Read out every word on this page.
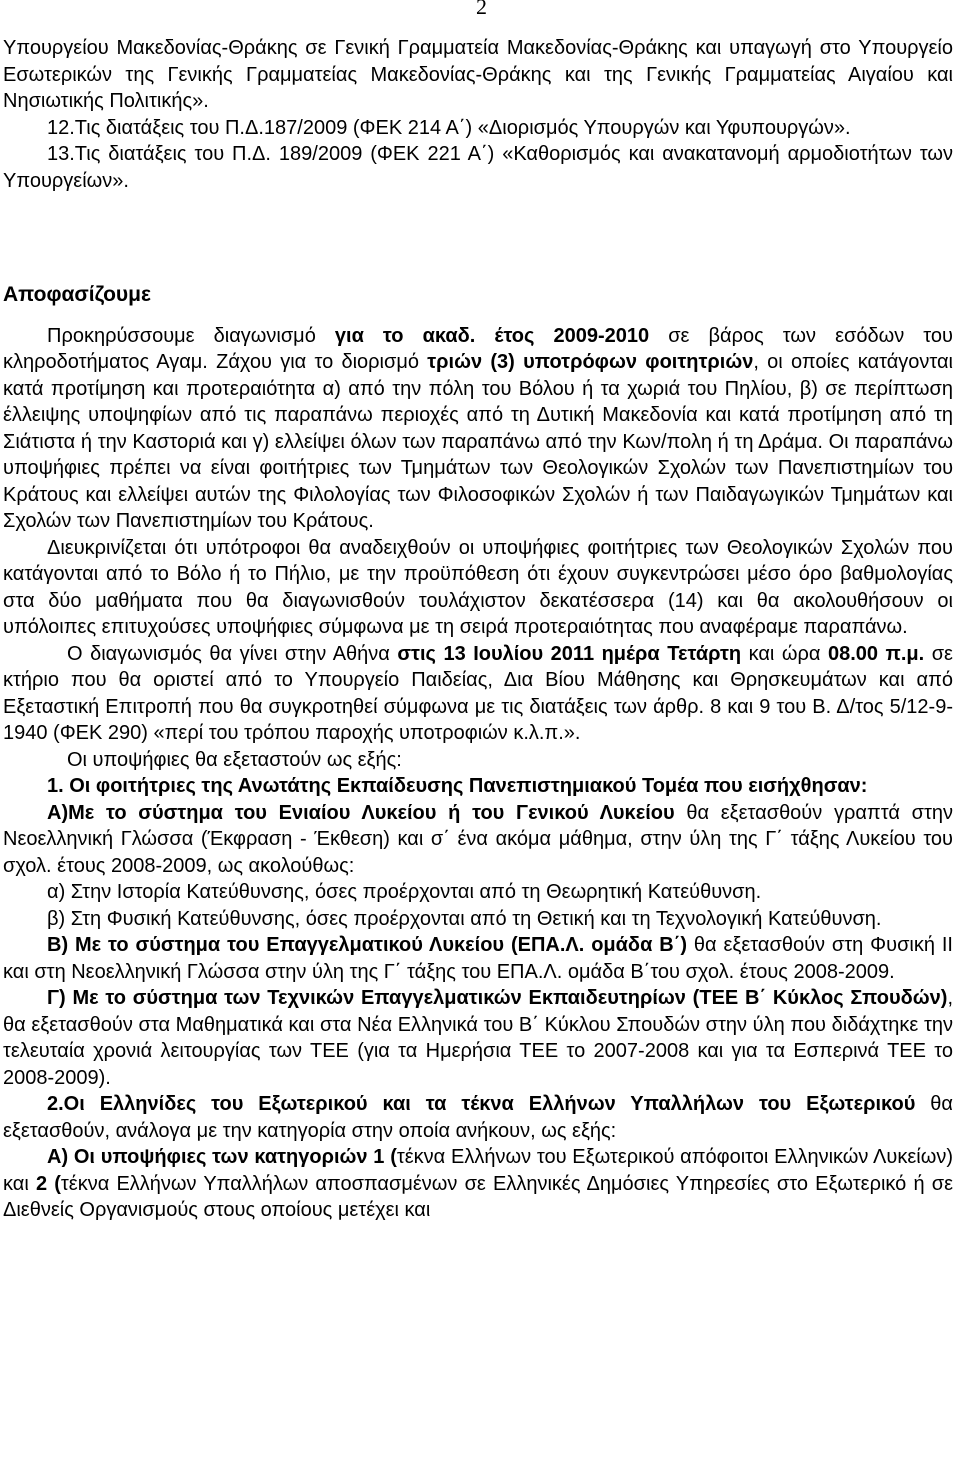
2

Υπουργείου Μακεδονίας-Θράκης σε Γενική Γραμματεία Μακεδονίας-Θράκης και υπαγωγή στο Υπουργείο Εσωτερικών της Γενικής Γραμματείας Μακεδονίας-Θράκης και της Γενικής Γραμματείας Αιγαίου και Νησιωτικής Πολιτικής».

12.Τις διατάξεις του Π.Δ.187/2009 (ΦΕΚ 214 Α΄) «Διορισμός Υπουργών και Υφυπουργών».

13.Τις διατάξεις του Π.Δ. 189/2009 (ΦΕΚ 221 Α΄) «Καθορισμός και ανακατανομή αρμοδιοτήτων των Υπουργείων».

Αποφασίζουμε

Προκηρύσσουμε διαγωνισμό για το ακαδ. έτος 2009-2010 σε βάρος των εσόδων του κληροδοτήματος Αγαμ. Ζάχου για το διορισμό τριών (3) υποτρόφων φοιτητριών, οι οποίες κατάγονται κατά προτίμηση και προτεραιότητα α) από την πόλη του Βόλου ή τα χωριά του Πηλίου, β) σε περίπτωση έλλειψης υποψηφίων από τις παραπάνω περιοχές από τη Δυτική Μακεδονία και κατά προτίμηση από τη Σιάτιστα ή την Καστοριά και γ) ελλείψει όλων των παραπάνω από την Κων/πολη ή τη Δράμα. Οι παραπάνω υποψήφιες πρέπει να είναι φοιτήτριες των Τμημάτων των Θεολογικών Σχολών των Πανεπιστημίων του Κράτους και ελλείψει αυτών της Φιλολογίας των Φιλοσοφικών Σχολών ή των Παιδαγωγικών Τμημάτων και Σχολών των Πανεπιστημίων του Κράτους.

Διευκρινίζεται ότι υπότροφοι θα αναδειχθούν οι υποψήφιες φοιτήτριες των Θεολογικών Σχολών που κατάγονται από το Βόλο ή το Πήλιο, με την προϋπόθεση ότι έχουν συγκεντρώσει μέσο όρο βαθμολογίας στα δύο μαθήματα που θα διαγωνισθούν τουλάχιστον δεκατέσσερα (14) και θα ακολουθήσουν οι υπόλοιπες επιτυχούσες υποψήφιες σύμφωνα με τη σειρά προτεραιότητας που αναφέραμε παραπάνω.

Ο διαγωνισμός θα γίνει στην Αθήνα στις 13 Ιουλίου 2011 ημέρα Τετάρτη και ώρα 08.00 π.μ. σε κτήριο που θα οριστεί από το Υπουργείο Παιδείας, Δια Βίου Μάθησης και Θρησκευμάτων και από Εξεταστική Επιτροπή που θα συγκροτηθεί σύμφωνα με τις διατάξεις των άρθρ. 8 και 9 του Β. Δ/τος 5/12-9-1940 (ΦΕΚ 290) «περί του τρόπου παροχής υποτροφιών κ.λ.π.».

Οι υποψήφιες θα εξεταστούν ως εξής:

1. Οι φοιτήτριες της Ανωτάτης Εκπαίδευσης Πανεπιστημιακού Τομέα που εισήχθησαν:

Α)Με το σύστημα του Ενιαίου Λυκείου ή του Γενικού Λυκείου θα εξετασθούν γραπτά στην Νεοελληνική Γλώσσα (Έκφραση - Έκθεση) και σ΄ ένα ακόμα μάθημα, στην ύλη της Γ΄ τάξης Λυκείου του σχολ. έτους 2008-2009, ως ακολούθως:

α) Στην Ιστορία Κατεύθυνσης, όσες προέρχονται από τη Θεωρητική Κατεύθυνση.

β) Στη Φυσική Κατεύθυνσης, όσες προέρχονται από τη Θετική και τη Τεχνολογική Κατεύθυνση.

Β) Με το σύστημα του Επαγγελματικού Λυκείου (ΕΠΑ.Λ. ομάδα Β΄) θα εξετασθούν στη Φυσική ΙΙ και στη Νεοελληνική Γλώσσα στην ύλη της Γ΄ τάξης του ΕΠΑ.Λ. ομάδα Β΄του σχολ. έτους 2008-2009.

Γ) Με το σύστημα των Τεχνικών Επαγγελματικών Εκπαιδευτηρίων (ΤΕΕ Β΄ Κύκλος Σπουδών), θα εξετασθούν στα Μαθηματικά και στα Νέα Ελληνικά του Β΄ Κύκλου Σπουδών στην ύλη που διδάχτηκε την τελευταία χρονιά λειτουργίας των ΤΕΕ (για τα Ημερήσια ΤΕΕ το 2007-2008 και για τα Εσπερινά ΤΕΕ το 2008-2009).

2.Οι Ελληνίδες του Εξωτερικού και τα τέκνα Ελλήνων Υπαλλήλων του Εξωτερικού θα εξετασθούν, ανάλογα με την κατηγορία στην οποία ανήκουν, ως εξής:

Α) Οι υποψήφιες των κατηγοριών 1 (τέκνα Ελλήνων του Εξωτερικού απόφοιτοι Ελληνικών Λυκείων) και 2 (τέκνα Ελλήνων Υπαλλήλων αποσπασμένων σε Ελληνικές Δημόσιες Υπηρεσίες στο Εξωτερικό ή σε Διεθνείς Οργανισμούς στους οποίους μετέχει και
